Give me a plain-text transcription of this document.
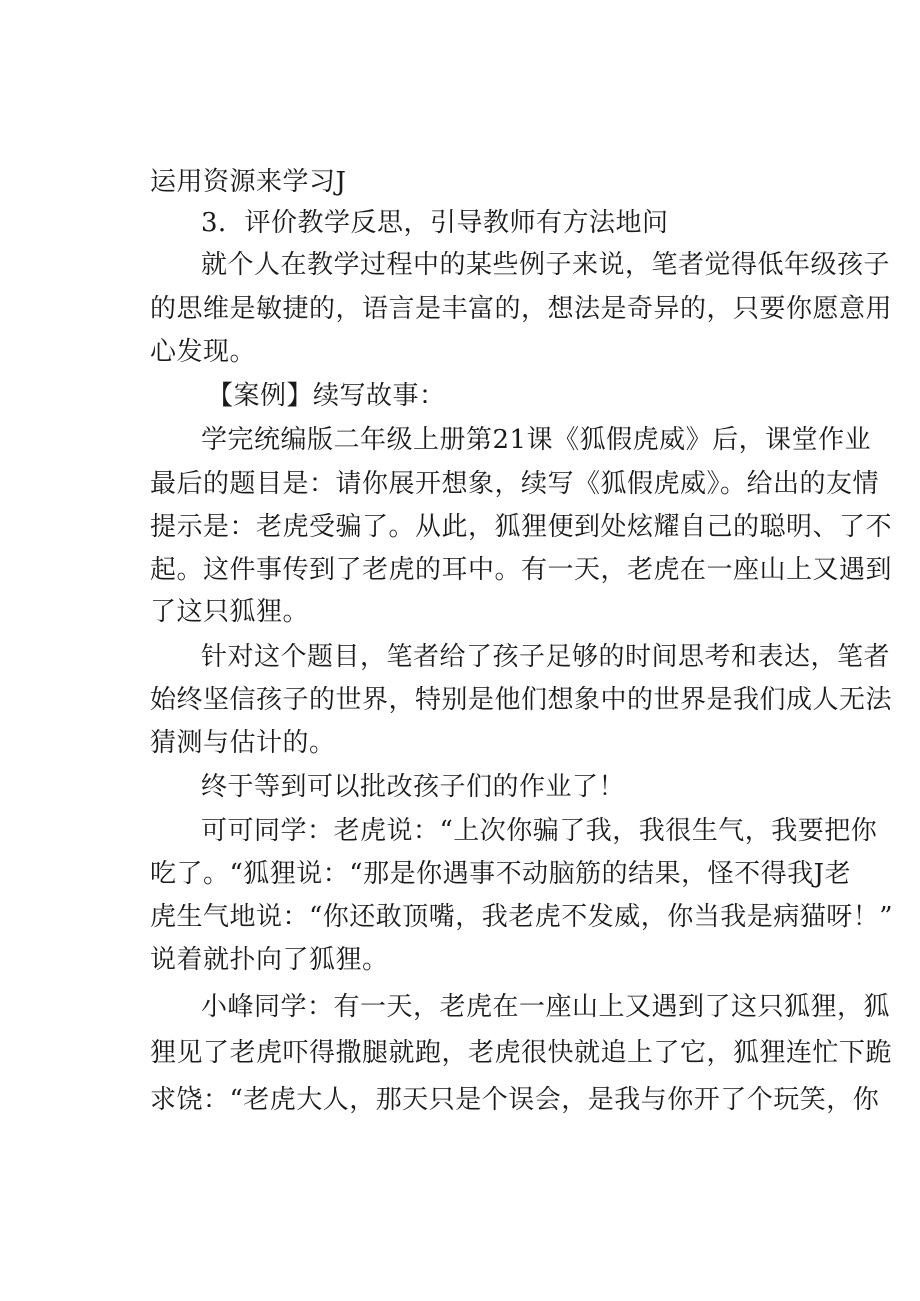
运用资源来学习J
3．评价教学反思，引导教师有方法地问
就个人在教学过程中的某些例子来说，笔者觉得低年级孩子
的思维是敏捷的，语言是丰富的，想法是奇异的，只要你愿意用
心发现。
【案例】续写故事：
学完统编版二年级上册第21课《狐假虎威》后，课堂作业
最后的题目是：请你展开想象，续写《狐假虎威》。给出的友情
提示是：老虎受骗了。从此，狐狸便到处炫耀自己的聪明、了不
起。这件事传到了老虎的耳中。有一天，老虎在一座山上又遇到
了这只狐狸。
针对这个题目，笔者给了孩子足够的时间思考和表达，笔者
始终坚信孩子的世界，特别是他们想象中的世界是我们成人无法
猜测与估计的。
终于等到可以批改孩子们的作业了！
可可同学：老虎说：“上次你骗了我，我很生气，我要把你
吃了。“狐狸说：“那是你遇事不动脑筋的结果，怪不得我J老
虎生气地说：“你还敢顶嘴，我老虎不发威，你当我是病猫呀！”
说着就扑向了狐狸。
小峰同学：有一天，老虎在一座山上又遇到了这只狐狸，狐
狸见了老虎吓得撒腿就跑，老虎很快就追上了它，狐狸连忙下跪
求饶：“老虎大人，那天只是个误会，是我与你开了个玩笑，你
